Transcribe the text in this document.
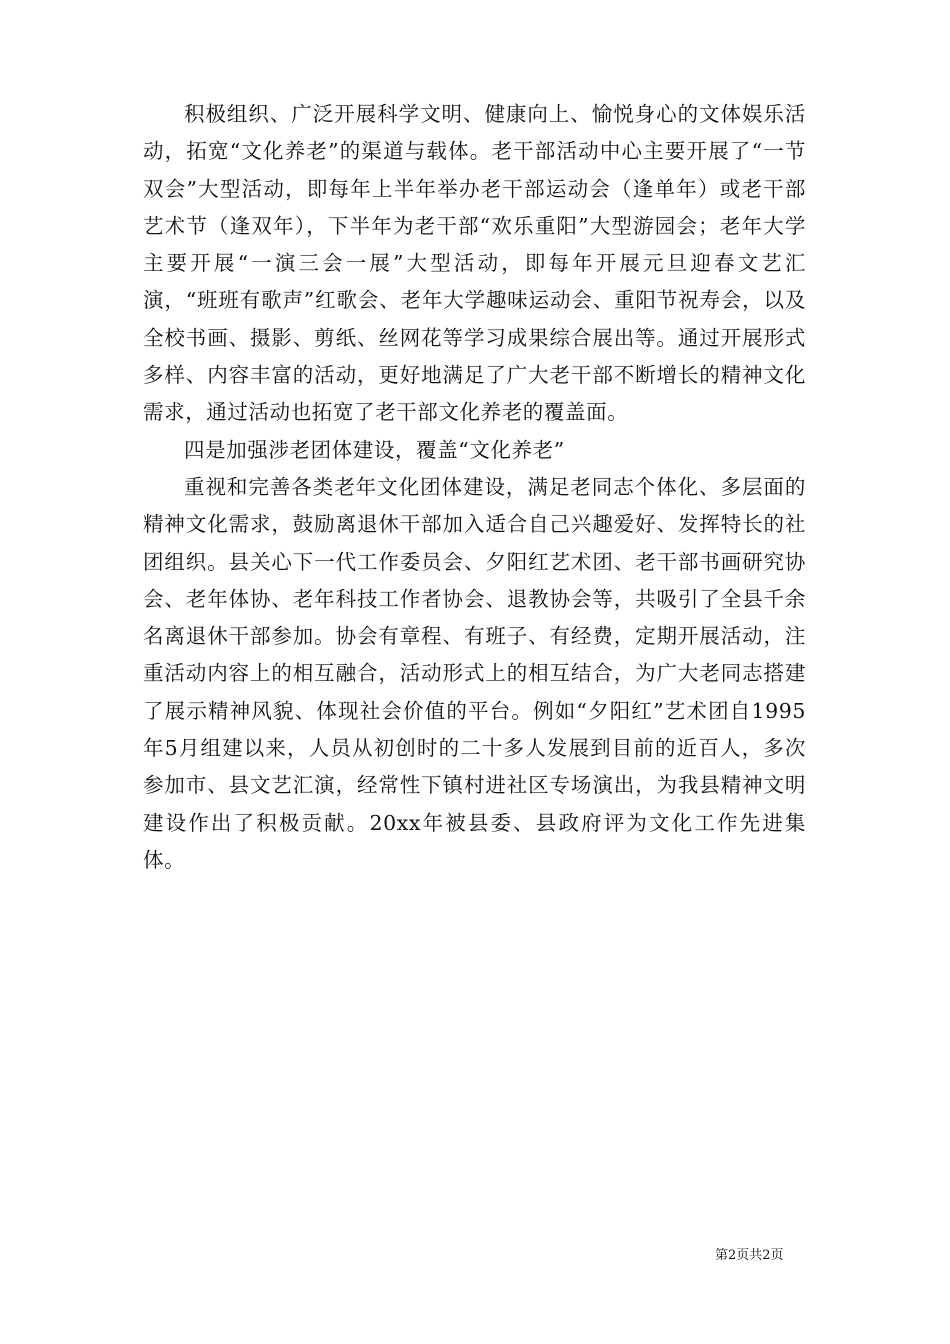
积极组织、广泛开展科学文明、健康向上、愉悦身心的文体娱乐活动，拓宽“文化养老”的渠道与载体。老干部活动中心主要开展了“一节双会”大型活动，即每年上半年举办老干部运动会（逢单年）或老干部艺术节（逢双年），下半年为老干部“欢乐重阳”大型游园会；老年大学主要开展“一演三会一展”大型活动，即每年开展元旦迎春文艺汇演，“班班有歌声”红歌会、老年大学趣味运动会、重阳节祝寿会，以及全校书画、摄影、剪纸、丝网花等学习成果综合展出等。通过开展形式多样、内容丰富的活动，更好地满足了广大老干部不断增长的精神文化需求，通过活动也拓宽了老干部文化养老的覆盖面。

四是加强涉老团体建设，覆盖“文化养老”

重视和完善各类老年文化团体建设，满足老同志个体化、多层面的精神文化需求，鼓励离退休干部加入适合自己兴趣爱好、发挥特长的社团组织。县关心下一代工作委员会、夕阳红艺术团、老干部书画研究协会、老年体协、老年科技工作者协会、退教协会等，共吸引了全县千余名离退休干部参加。协会有章程、有班子、有经费，定期开展活动，注重活动内容上的相互融合，活动形式上的相互结合，为广大老同志搭建了展示精神风貌、体现社会价值的平台。例如“夕阳红”艺术团自1995年5月组建以来，人员从初创时的二十多人发展到目前的近百人，多次参加市、县文艺汇演，经常性下镇村进社区专场演出，为我县精神文明建设作出了积极贡献。20xx年被县委、县政府评为文化工作先进集体。

第2页共2页
